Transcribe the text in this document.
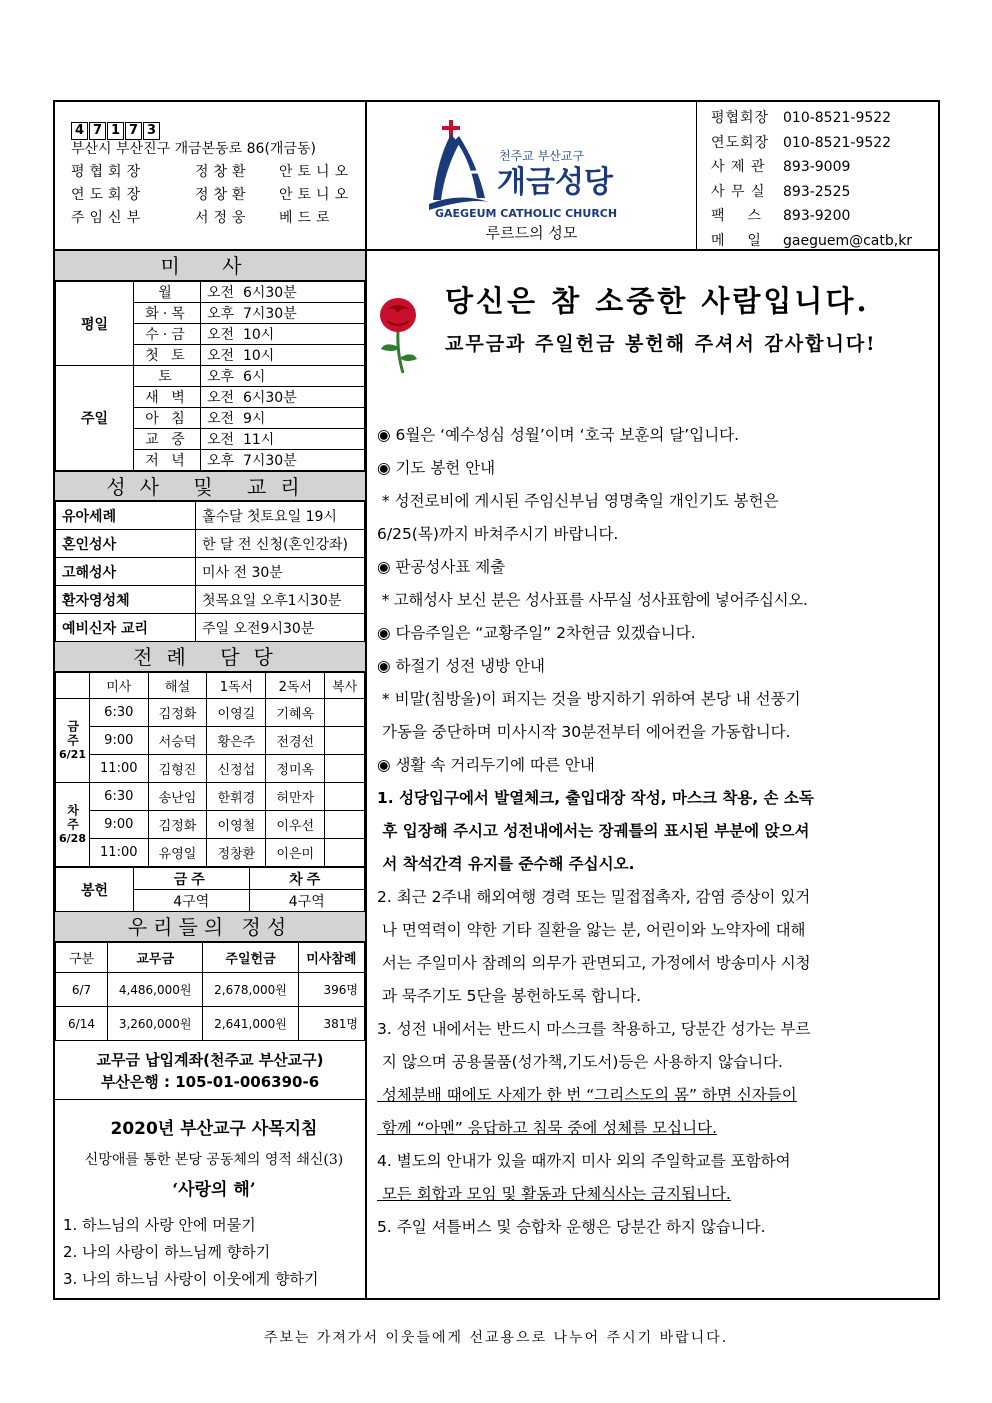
4 7 1 7 3
부산시 부산진구 개금본동로 86(개금동)
평협회장	정창환	안토니오
연도회장	정창환	안토니오
주임신부	서정웅	베드로
천주교 부산교구
개금성당
GAEGEUM CATHOLIC CHURCH
루르드의 성모
평협회장 010-8521-9522
연도회장 010-8521-9522
사 제 관	893-9009
사 무 실	893-2525
팩    스	893-9200
메    일	gaeguem@catb,kr
미 사
평일	월	오전  6시30분
	화·목	오후  7시30분
	수·금	오전  10시
	첫 토	오전  10시
주일	토	오후  6시
	새 벽	오전  6시30분
	아 침	오전  9시
	교 중	오전  11시
	저 녁	오후  7시30분
성사 및 교리
유아세례	홀수달 첫토요일 19시
혼인성사	한 달 전 신청(혼인강좌)
고해성사	미사 전 30분
환자영성체	첫목요일 오후1시30분
예비신자 교리	주일 오전9시30분
전례 담당
	미사	해설	1독서	2독서	복사

금주
6/21	6:30	김정화	이영길	기혜옥	
	9:00	서승덕	황은주	전경선	
	11:00	김형진	신정섭	정미옥	

차주
6/28	6:30	송난임	한휘경	허만자	
	9:00	김정화	이영철	이우선	
	11:00	유영일	정창환	이은미	
봉헌	금주	차주
	4구역	4구역
우리들의 정성
구분	교무금	주일헌금	미사참례
6/7	4,486,000원	2,678,000원	396명
6/14	3,260,000원	2,641,000원	381명
교무금 납입계좌(천주교 부산교구)
부산은행 : 105-01-006390-6
2020년 부산교구 사목지침
신망애를 통한 본당 공동체의 영적 쇄신(3)
‘사랑의 해’
1. 하느님의 사랑 안에 머물기
2. 나의 사랑이 하느님께 향하기
3. 나의 하느님 사랑이 이웃에게 향하기
당신은 참 소중한 사람입니다.
교무금과 주일헌금 봉헌해 주셔서 감사합니다!
◉ 6월은 ‘예수성심 성월’이며 ‘호국 보훈의 달’입니다.
◉ 기도 봉헌 안내
* 성전로비에 게시된 주임신부님 영명축일 개인기도 봉헌은
6/25(목)까지 바쳐주시기 바랍니다.
◉ 판공성사표 제출
* 고해성사 보신 분은 성사표를 사무실 성사표함에 넣어주십시오.
◉ 다음주일은 “교황주일” 2차헌금 있겠습니다.
◉ 하절기 성전 냉방 안내
* 비말(침방울)이 퍼지는 것을 방지하기 위하여 본당 내 선풍기
가동을 중단하며 미사시작 30분전부터 에어컨을 가동합니다.
◉ 생활 속 거리두기에 따른 안내
1. 성당입구에서 발열체크, 출입대장 작성, 마스크 착용, 손 소독
후 입장해 주시고 성전내에서는 장궤틀의 표시된 부분에 앉으셔
서 착석간격 유지를 준수해 주십시오.
2. 최근 2주내 해외여행 경력 또는 밀접접촉자, 감염 증상이 있거
나 면역력이 약한 기타 질환을 앓는 분, 어린이와 노약자에 대해
서는 주일미사 참례의 의무가 관면되고, 가정에서 방송미사 시청
과 묵주기도 5단을 봉헌하도록 합니다.
3. 성전 내에서는 반드시 마스크를 착용하고, 당분간 성가는 부르
지 않으며 공용물품(성가책,기도서)등은 사용하지 않습니다.
성체분배 때에도 사제가 한 번 “그리스도의 몸” 하면 신자들이
함께 “아멘” 응답하고 침묵 중에 성체를 모십니다.
4. 별도의 안내가 있을 때까지 미사 외의 주일학교를 포함하여
모든 회합과 모임 및 활동과 단체식사는 금지됩니다.
5. 주일 셔틀버스 및 승합차 운행은 당분간 하지 않습니다.
주보는 가져가서 이웃들에게 선교용으로 나누어 주시기 바랍니다.
